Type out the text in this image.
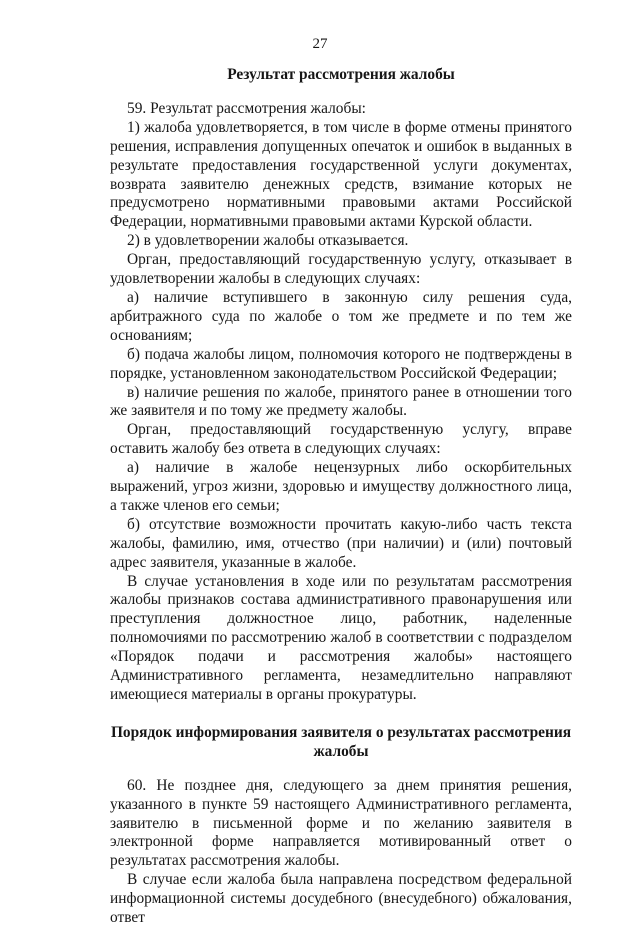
27
Результат рассмотрения жалобы

59. Результат рассмотрения жалобы:

1) жалоба удовлетворяется, в том числе в форме отмены принятого решения, исправления допущенных опечаток и ошибок в выданных в результате предоставления государственной услуги документах, возврата заявителю денежных средств, взимание которых не предусмотрено нормативными правовыми актами Российской Федерации, нормативными правовыми актами Курской области.

2) в удовлетворении жалобы отказывается.

Орган, предоставляющий государственную услугу, отказывает в удовлетворении жалобы в следующих случаях:

а) наличие вступившего в законную силу решения суда, арбитражного суда по жалобе о том же предмете и по тем же основаниям;

б) подача жалобы лицом, полномочия которого не подтверждены в порядке, установленном законодательством Российской Федерации;

в) наличие решения по жалобе, принятого ранее в отношении того же заявителя и по тому же предмету жалобы.

Орган, предоставляющий государственную услугу, вправе оставить жалобу без ответа в следующих случаях:

а) наличие в жалобе нецензурных либо оскорбительных выражений, угроз жизни, здоровью и имуществу должностного лица, а также членов его семьи;

б) отсутствие возможности прочитать какую-либо часть текста жалобы, фамилию, имя, отчество (при наличии) и (или) почтовый адрес заявителя, указанные в жалобе.

В случае установления в ходе или по результатам рассмотрения жалобы признаков состава административного правонарушения или преступления должностное лицо, работник, наделенные полномочиями по рассмотрению жалоб в соответствии с подразделом «Порядок подачи и рассмотрения жалобы» настоящего Административного регламента, незамедлительно направляют имеющиеся материалы в органы прокуратуры.

Порядок информирования заявителя о результатах рассмотрения жалобы

60. Не позднее дня, следующего за днем принятия решения, указанного в пункте 59 настоящего Административного регламента, заявителю в письменной форме и по желанию заявителя в электронной форме направляется мотивированный ответ о результатах рассмотрения жалобы.

В случае если жалоба была направлена посредством федеральной информационной системы досудебного (внесудебного) обжалования, ответ
